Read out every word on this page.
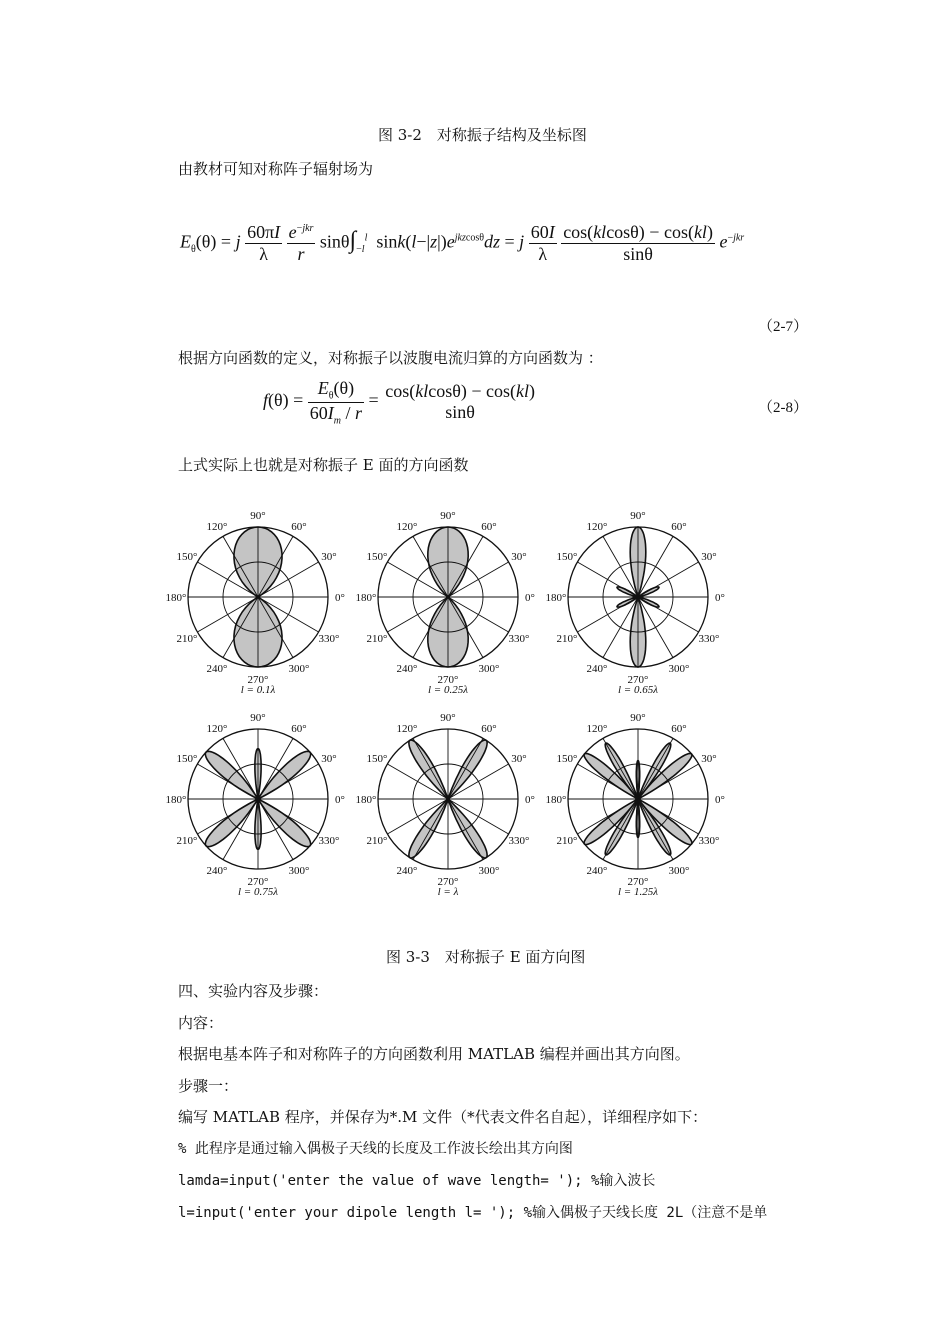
图 3-2　对称振子结构及坐标图
由教材可知对称阵子辐射场为
$E_\theta(\theta) = j \frac{60\pi I}{\lambda}$
$\frac{e^{-jkr}}{r} \sin\theta\int_{-l}^l$  $\sin k(l-|z|)e^{jkzcos\theta}dz = j \frac{60I}{\lambda}$
$\frac{\cos(klcos\theta) - \cos(kl)}{\sin\theta} e^{-jkr}$
（2-7）
根据方向函数的定义，对称振子以波腹电流归算的方向函数为 ：
$f(\theta) = \frac{E_\theta(\theta)}{60I_m / r} = \cos(klcos\theta) - \cos(kl)$
sinθ	（2-8）
上式实际上也就是对称振子 E 面的方向函数
0°
30°
60°
90°
120°
150°
180°
210°
240°
270°
300°
330°
l = 0.1λ
0°
30°
60°
90°
120°
150°
180°
210°
240°
270°
300°
330°
l = 0.25λ
0°
30°
60°
90°
120°
150°
180°
210°
240°
270°
300°
330°
l = 0.65λ
0°
30°
60°
90°
120°
150°
180°
210°
240°
270°
300°
330°
l = 0.75λ
0°
30°
60°
90°
120°
150°
180°
210°
240°
270°
300°
330°
l = λ
0°
30°
60°
90°
120°
150°
180°
210°
240°
270°
300°
330°
l = 1.25λ
图 3-3　对称振子 E 面方向图
四、实验内容及步骤：
内容：
根据电基本阵子和对称阵子的方向函数利用 MATLAB 编程并画出其方向图。
步骤一：
编写 MATLAB 程序，并保存为*.M 文件（*代表文件名自起），详细程序如下：
% 此程序是通过输入偶极子天线的长度及工作波长绘出其方向图
lamda=input('enter the value of wave length= '); %输入波长
l=input('enter your dipole length l= '); %输入偶极子天线长度 2L（注意不是单
